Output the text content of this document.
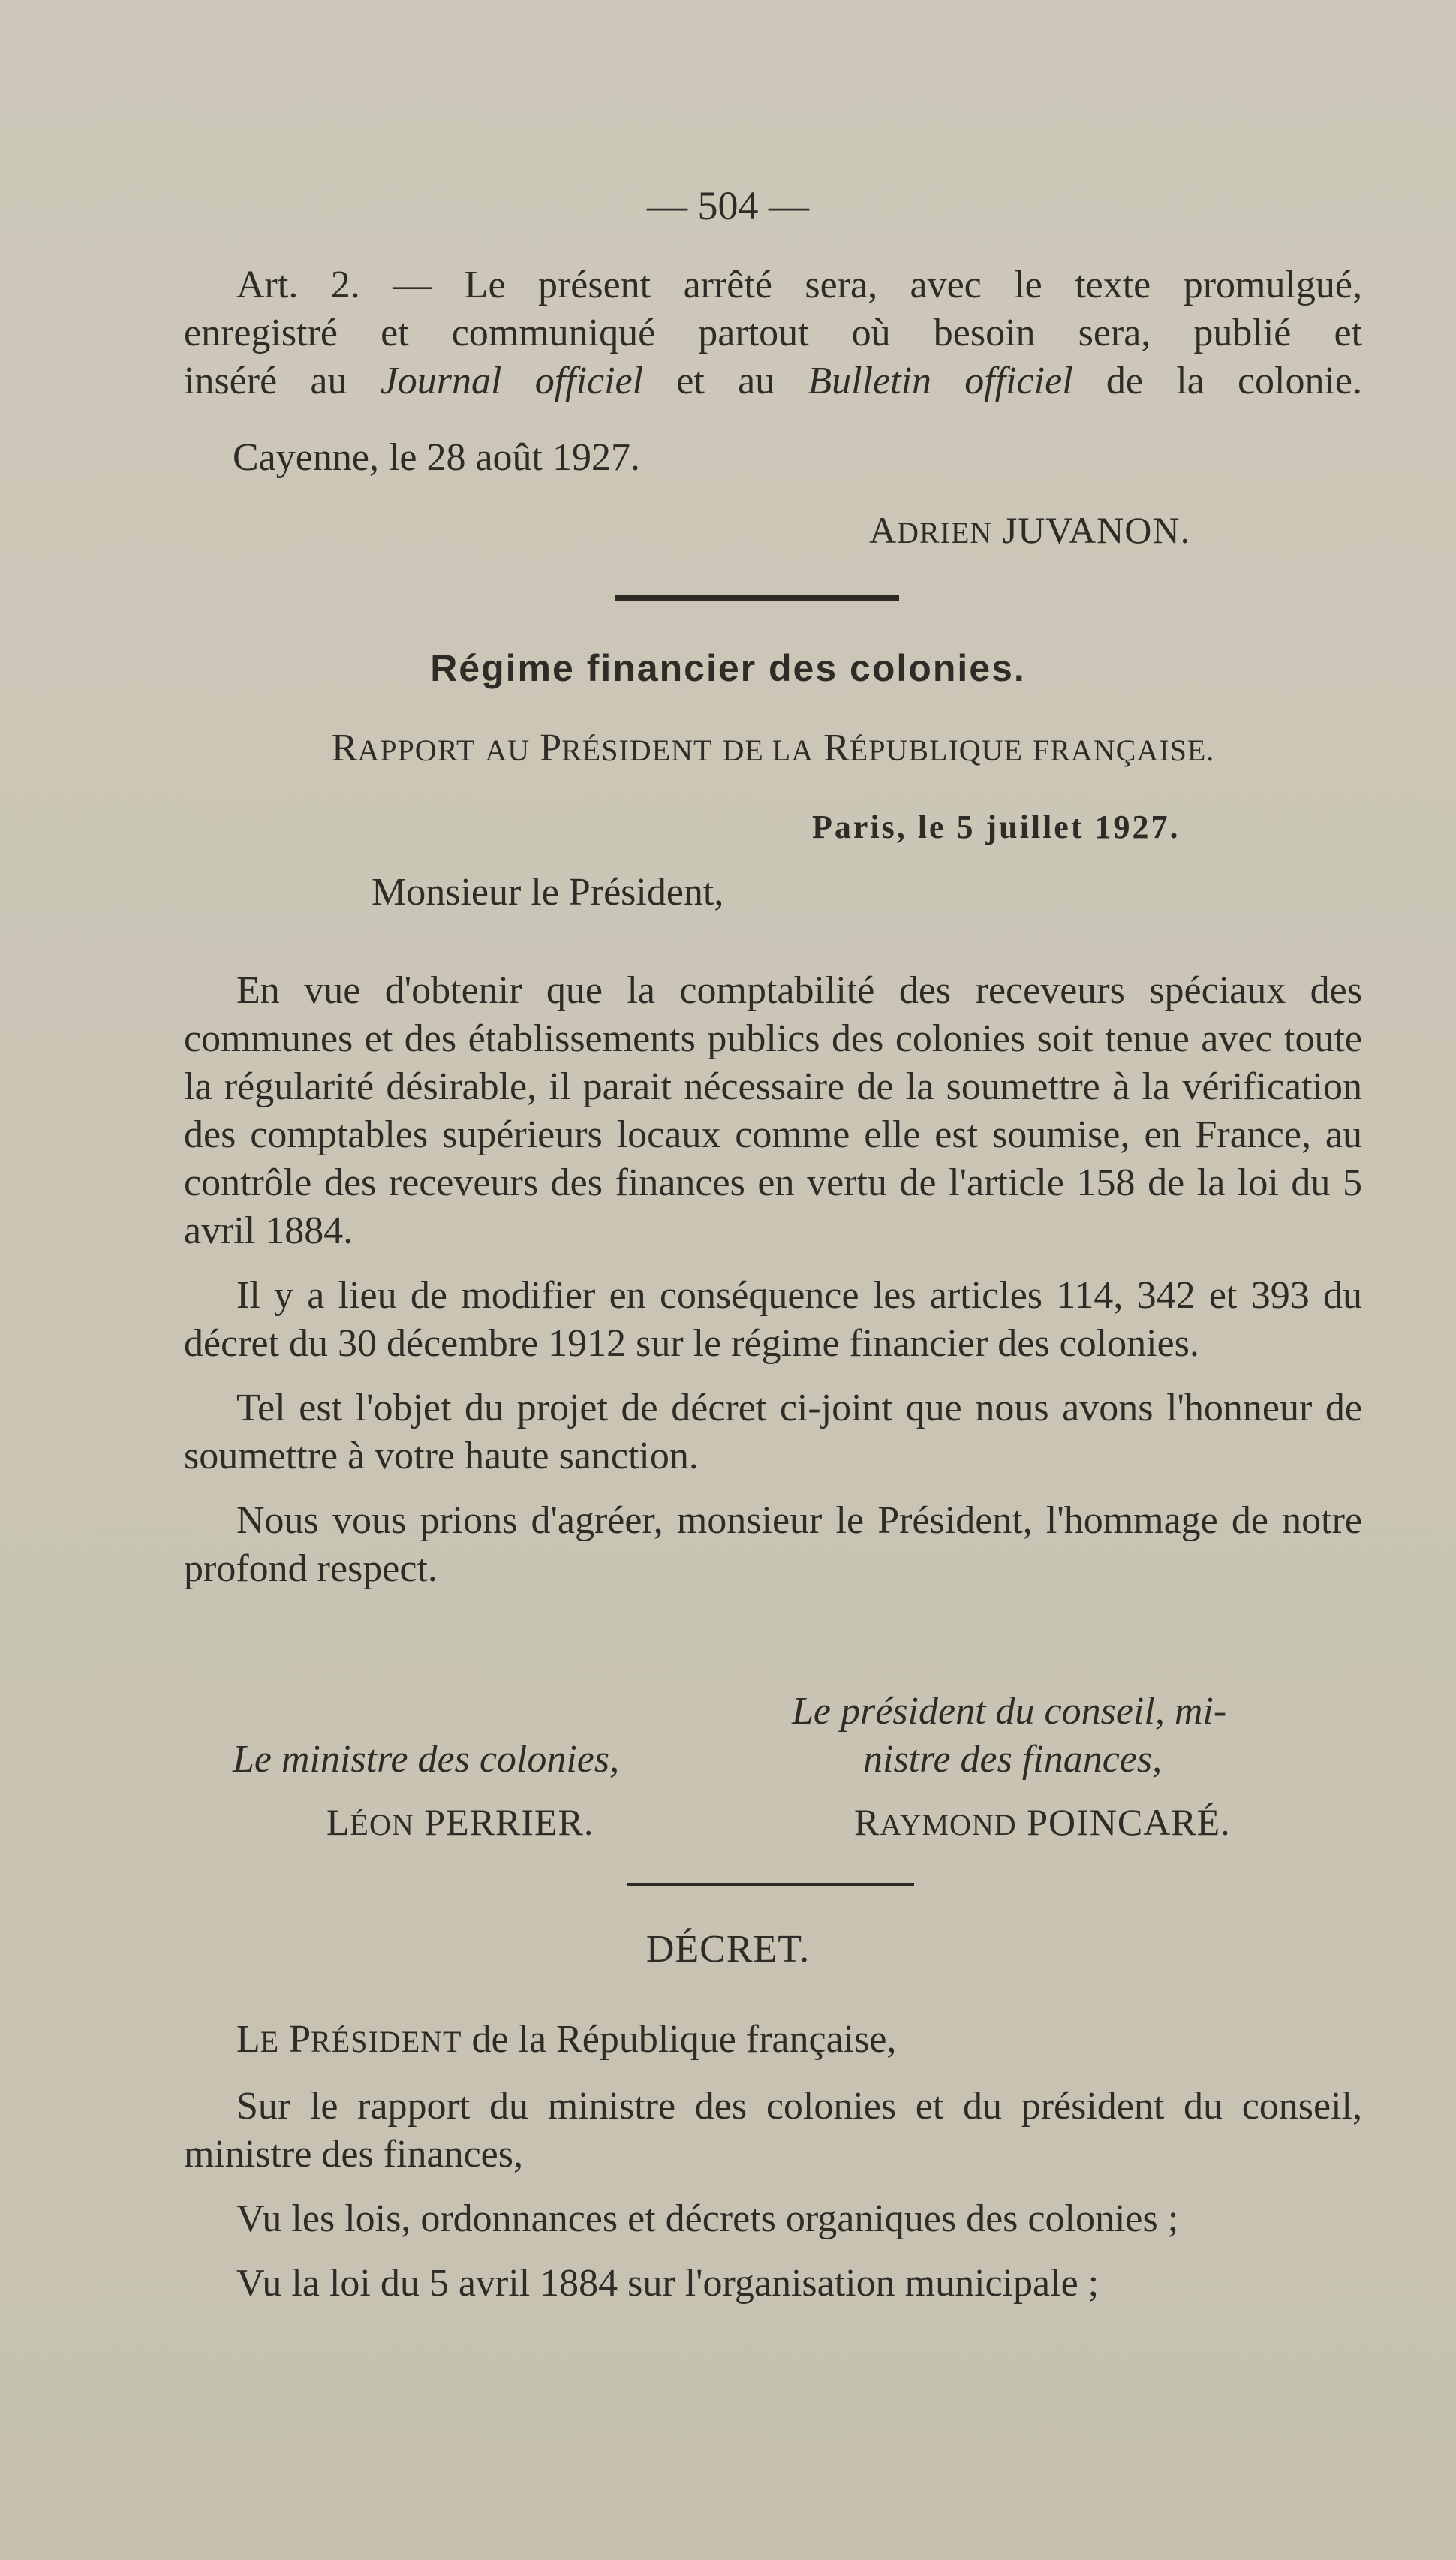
— 504 —
Art. 2. — Le présent arrêté sera, avec le texte promulgué,
enregistré et communiqué partout où besoin sera, publié et
inséré au Journal officiel et au Bulletin officiel de la colonie.
Cayenne, le 28 août 1927.
ADRIEN JUVANON.
Régime financier des colonies.
RAPPORT AU PRÉSIDENT DE LA RÉPUBLIQUE FRANÇAISE.
Paris, le 5 juillet 1927.
Monsieur le Président,
En vue d'obtenir que la comptabilité des receveurs spéciaux des communes et des établissements publics des colonies soit tenue avec toute la régularité désirable, il parait nécessaire de la soumettre à la vérification des comptables supérieurs locaux comme elle est soumise, en France, au contrôle des receveurs des finances en vertu de l'article 158 de la loi du 5 avril 1884.
Il y a lieu de modifier en conséquence les articles 114, 342 et 393 du décret du 30 décembre 1912 sur le régime financier des colonies.
Tel est l'objet du projet de décret ci-joint que nous avons l'honneur de soumettre à votre haute sanction.
Nous vous prions d'agréer, monsieur le Président, l'hommage de notre profond respect.
Le président du conseil, mi-
Le ministre des colonies,	nistre des finances,
LÉON PERRIER.	RAYMOND POINCARÉ.
DÉCRET.
LE PRÉSIDENT de la République française,
Sur le rapport du ministre des colonies et du président du conseil, ministre des finances,
Vu les lois, ordonnances et décrets organiques des colonies ;
Vu la loi du 5 avril 1884 sur l'organisation municipale ;
